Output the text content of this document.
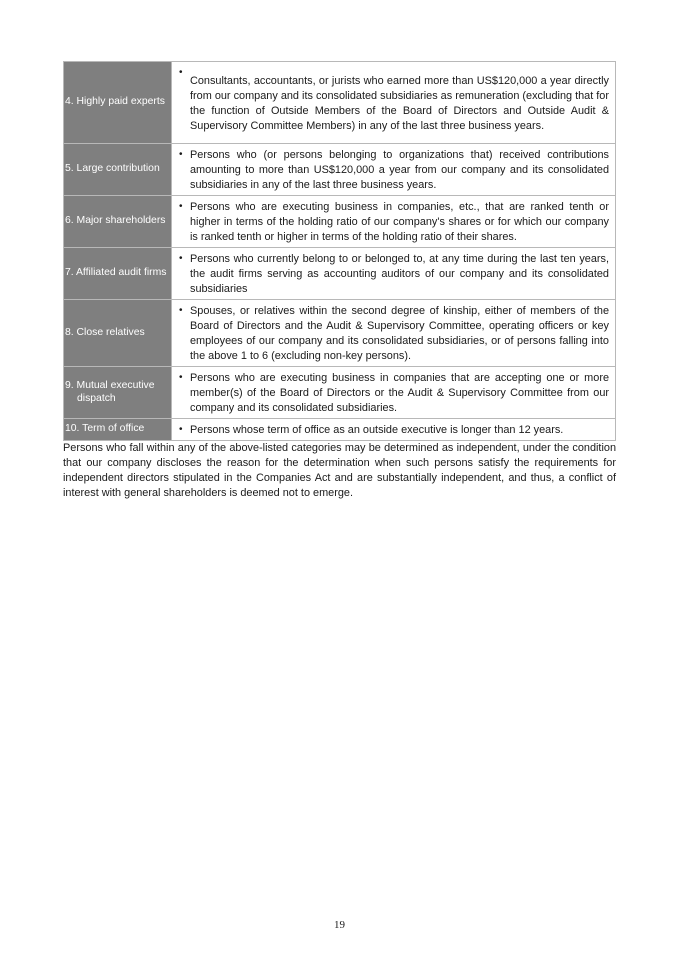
4. Highly paid experts	•
Consultants, accountants, or jurists who earned more than US$120,000 a year directly from our company and its consolidated subsidiaries as remuneration (excluding that for the function of Outside Members of the Board of Directors and Outside Audit & Supervisory Committee Members) in any of the last three business years.

5. Large contribution	• Persons who (or persons belonging to organizations that) received contributions amounting to more than US$120,000 a year from our company and its consolidated subsidiaries in any of the last three business years.

6. Major shareholders	• Persons who are executing business in companies, etc., that are ranked tenth or higher in terms of the holding ratio of our company's shares or for which our company is ranked tenth or higher in terms of the holding ratio of their shares.

7. Affiliated audit firms	• Persons who currently belong to or belonged to, at any time during the last ten years, the audit firms serving as accounting auditors of our company and its consolidated subsidiaries

8. Close relatives	• Spouses, or relatives within the second degree of kinship, either of members of the Board of Directors and the Audit & Supervisory Committee, operating officers or key employees of our company and its consolidated subsidiaries, or of persons falling into the above 1 to 6 (excluding non-key persons).

9. Mutual executive dispatch	• Persons who are executing business in companies that are accepting one or more member(s) of the Board of Directors or the Audit & Supervisory Committee from our company and its consolidated subsidiaries.

10. Term of office	• Persons whose term of office as an outside executive is longer than 12 years.

Persons who fall within any of the above-listed categories may be determined as independent, under the condition that our company discloses the reason for the determination when such persons satisfy the requirements for independent directors stipulated in the Companies Act and are substantially independent, and thus, a conflict of interest with general shareholders is deemed not to emerge.

19
